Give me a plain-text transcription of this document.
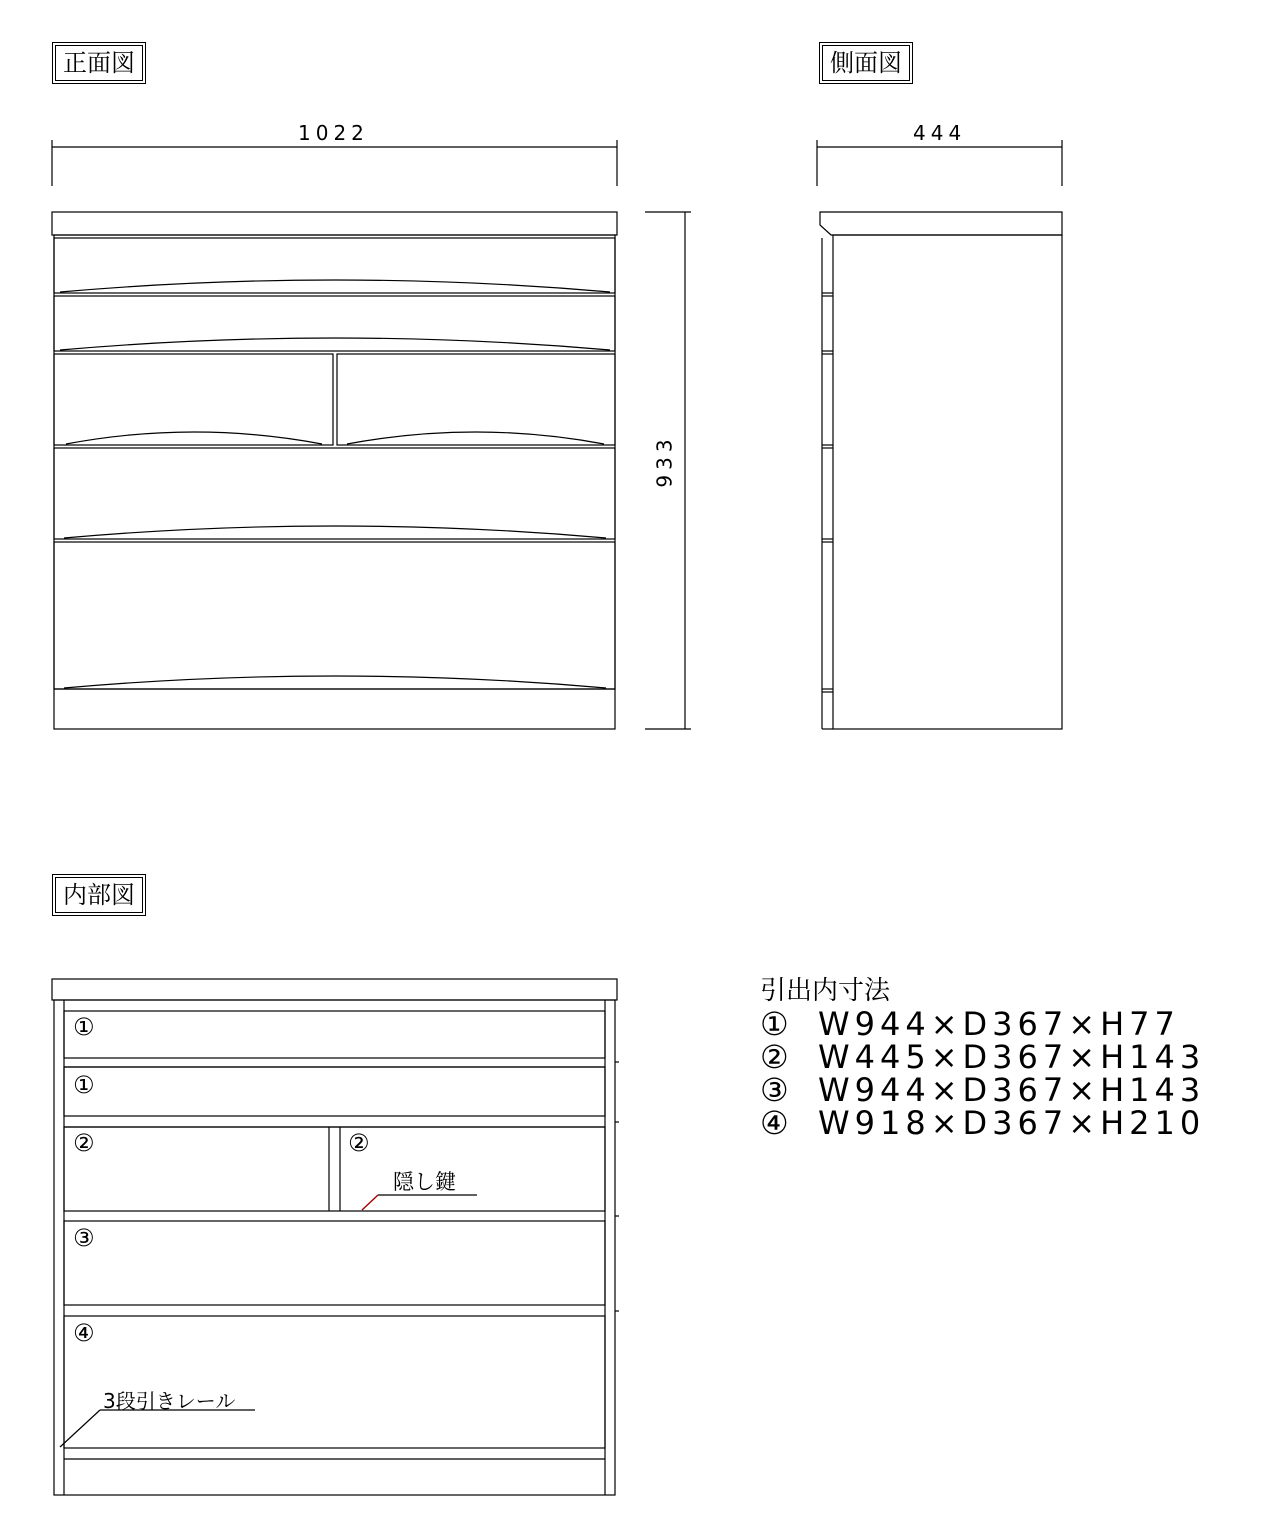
正面図	側面図
内部図
1022
933
444
①
①
②	②
③
④
隠し鍵
3段引きレール
引出内寸法
① W944×D367×H77
② W445×D367×H143
③ W944×D367×H143
④ W918×D367×H210
